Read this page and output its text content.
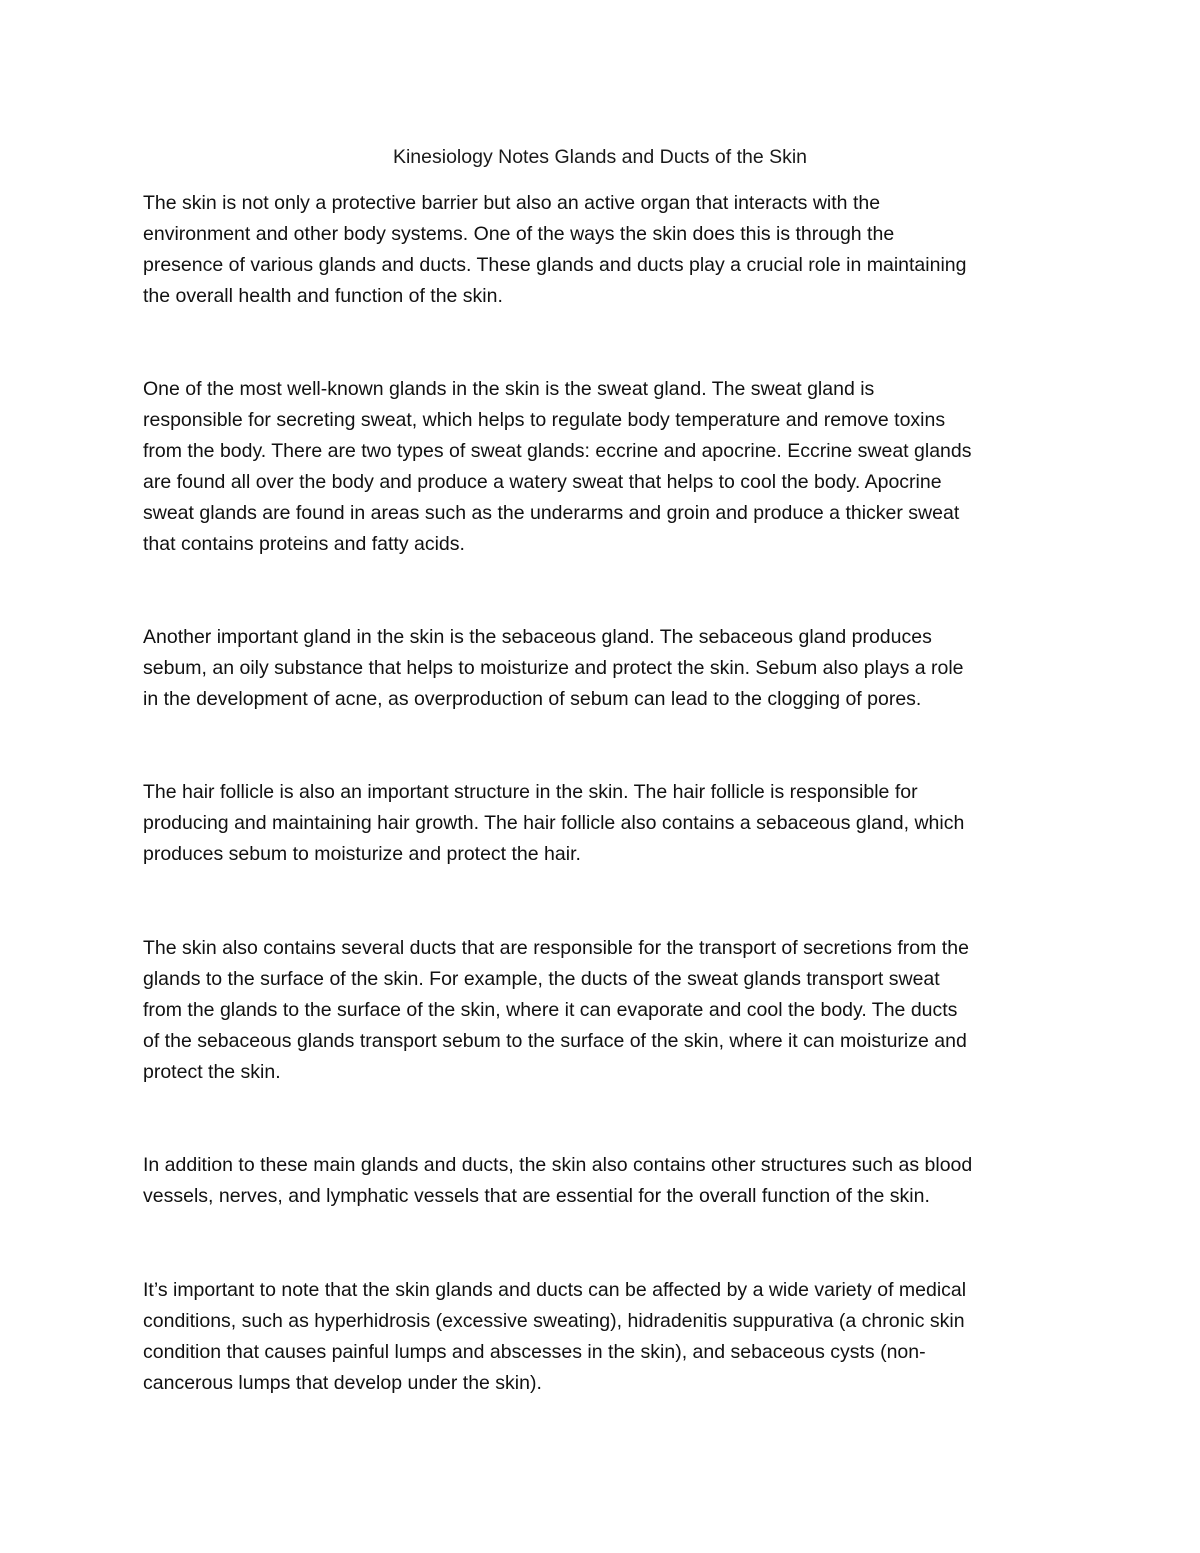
Kinesiology Notes Glands and Ducts of the Skin

The skin is not only a protective barrier but also an active organ that interacts with the
environment and other body systems. One of the ways the skin does this is through the
presence of various glands and ducts. These glands and ducts play a crucial role in maintaining
the overall health and function of the skin.

One of the most well-known glands in the skin is the sweat gland. The sweat gland is
responsible for secreting sweat, which helps to regulate body temperature and remove toxins
from the body. There are two types of sweat glands: eccrine and apocrine. Eccrine sweat glands
are found all over the body and produce a watery sweat that helps to cool the body. Apocrine
sweat glands are found in areas such as the underarms and groin and produce a thicker sweat
that contains proteins and fatty acids.

Another important gland in the skin is the sebaceous gland. The sebaceous gland produces
sebum, an oily substance that helps to moisturize and protect the skin. Sebum also plays a role
in the development of acne, as overproduction of sebum can lead to the clogging of pores.

The hair follicle is also an important structure in the skin. The hair follicle is responsible for
producing and maintaining hair growth. The hair follicle also contains a sebaceous gland, which
produces sebum to moisturize and protect the hair.

The skin also contains several ducts that are responsible for the transport of secretions from the
glands to the surface of the skin. For example, the ducts of the sweat glands transport sweat
from the glands to the surface of the skin, where it can evaporate and cool the body. The ducts
of the sebaceous glands transport sebum to the surface of the skin, where it can moisturize and
protect the skin.

In addition to these main glands and ducts, the skin also contains other structures such as blood
vessels, nerves, and lymphatic vessels that are essential for the overall function of the skin.

It’s important to note that the skin glands and ducts can be affected by a wide variety of medical
conditions, such as hyperhidrosis (excessive sweating), hidradenitis suppurativa (a chronic skin
condition that causes painful lumps and abscesses in the skin), and sebaceous cysts (non-
cancerous lumps that develop under the skin).
